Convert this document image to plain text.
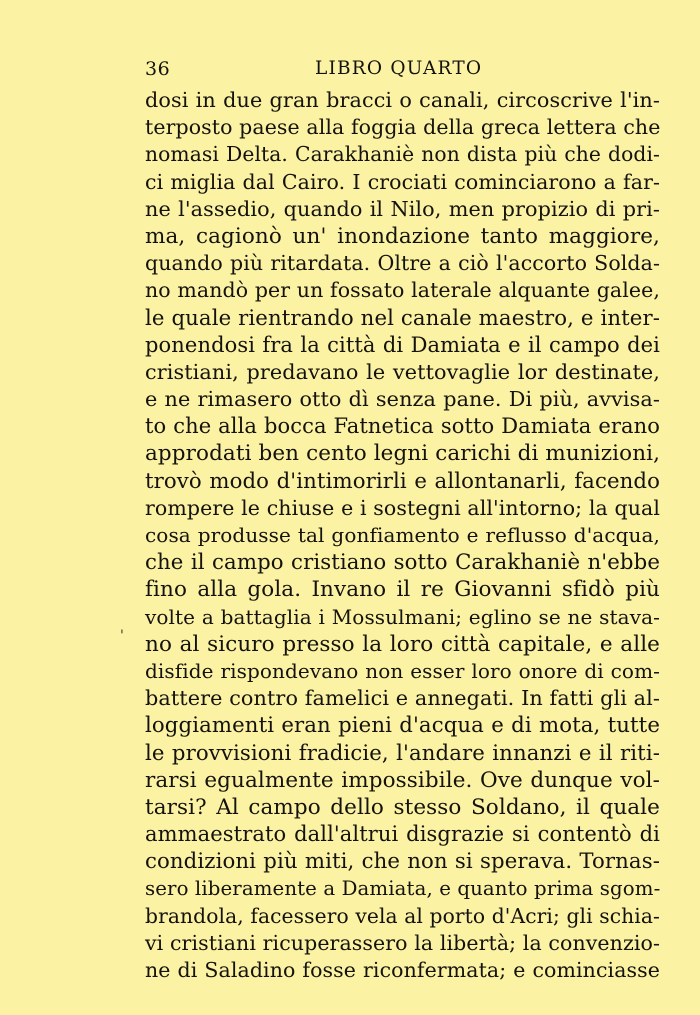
36	LIBRO QUARTO
'
dosi in due gran bracci o canali, circoscrive l'in-
terposto paese alla foggia della greca lettera che
nomasi Delta. Carakhaniè non dista più che dodi-
ci miglia dal Cairo. I crociati cominciarono a far-
ne l'assedio, quando il Nilo, men propizio di pri-
ma, cagionò un' inondazione tanto maggiore,
quando più ritardata. Oltre a ciò l'accorto Solda-
no mandò per un fossato laterale alquante galee,
le quale rientrando nel canale maestro, e inter-
ponendosi fra la città di Damiata e il campo dei
cristiani, predavano le vettovaglie lor destinate,
e ne rimasero otto dì senza pane. Di più, avvisa-
to che alla bocca Fatnetica sotto Damiata erano
approdati ben cento legni carichi di munizioni,
trovò modo d'intimorirli e allontanarli, facendo
rompere le chiuse e i sostegni all'intorno; la qual
cosa produsse tal gonfiamento e reflusso d'acqua,
che il campo cristiano sotto Carakhaniè n'ebbe
fino alla gola. Invano il re Giovanni sfidò più
volte a battaglia i Mossulmani; eglino se ne stava-
no al sicuro presso la loro città capitale, e alle
disfide rispondevano non esser loro onore di com-
battere contro famelici e annegati. In fatti gli al-
loggiamenti eran pieni d'acqua e di mota, tutte
le provvisioni fradicie, l'andare innanzi e il riti-
rarsi egualmente impossibile. Ove dunque vol-
tarsi? Al campo dello stesso Soldano, il quale
ammaestrato dall'altrui disgrazie si contentò di
condizioni più miti, che non si sperava. Tornas-
sero liberamente a Damiata, e quanto prima sgom-
brandola, facessero vela al porto d'Acri; gli schia-
vi cristiani ricuperassero la libertà; la convenzio-
ne di Saladino fosse riconfermata; e cominciasse
